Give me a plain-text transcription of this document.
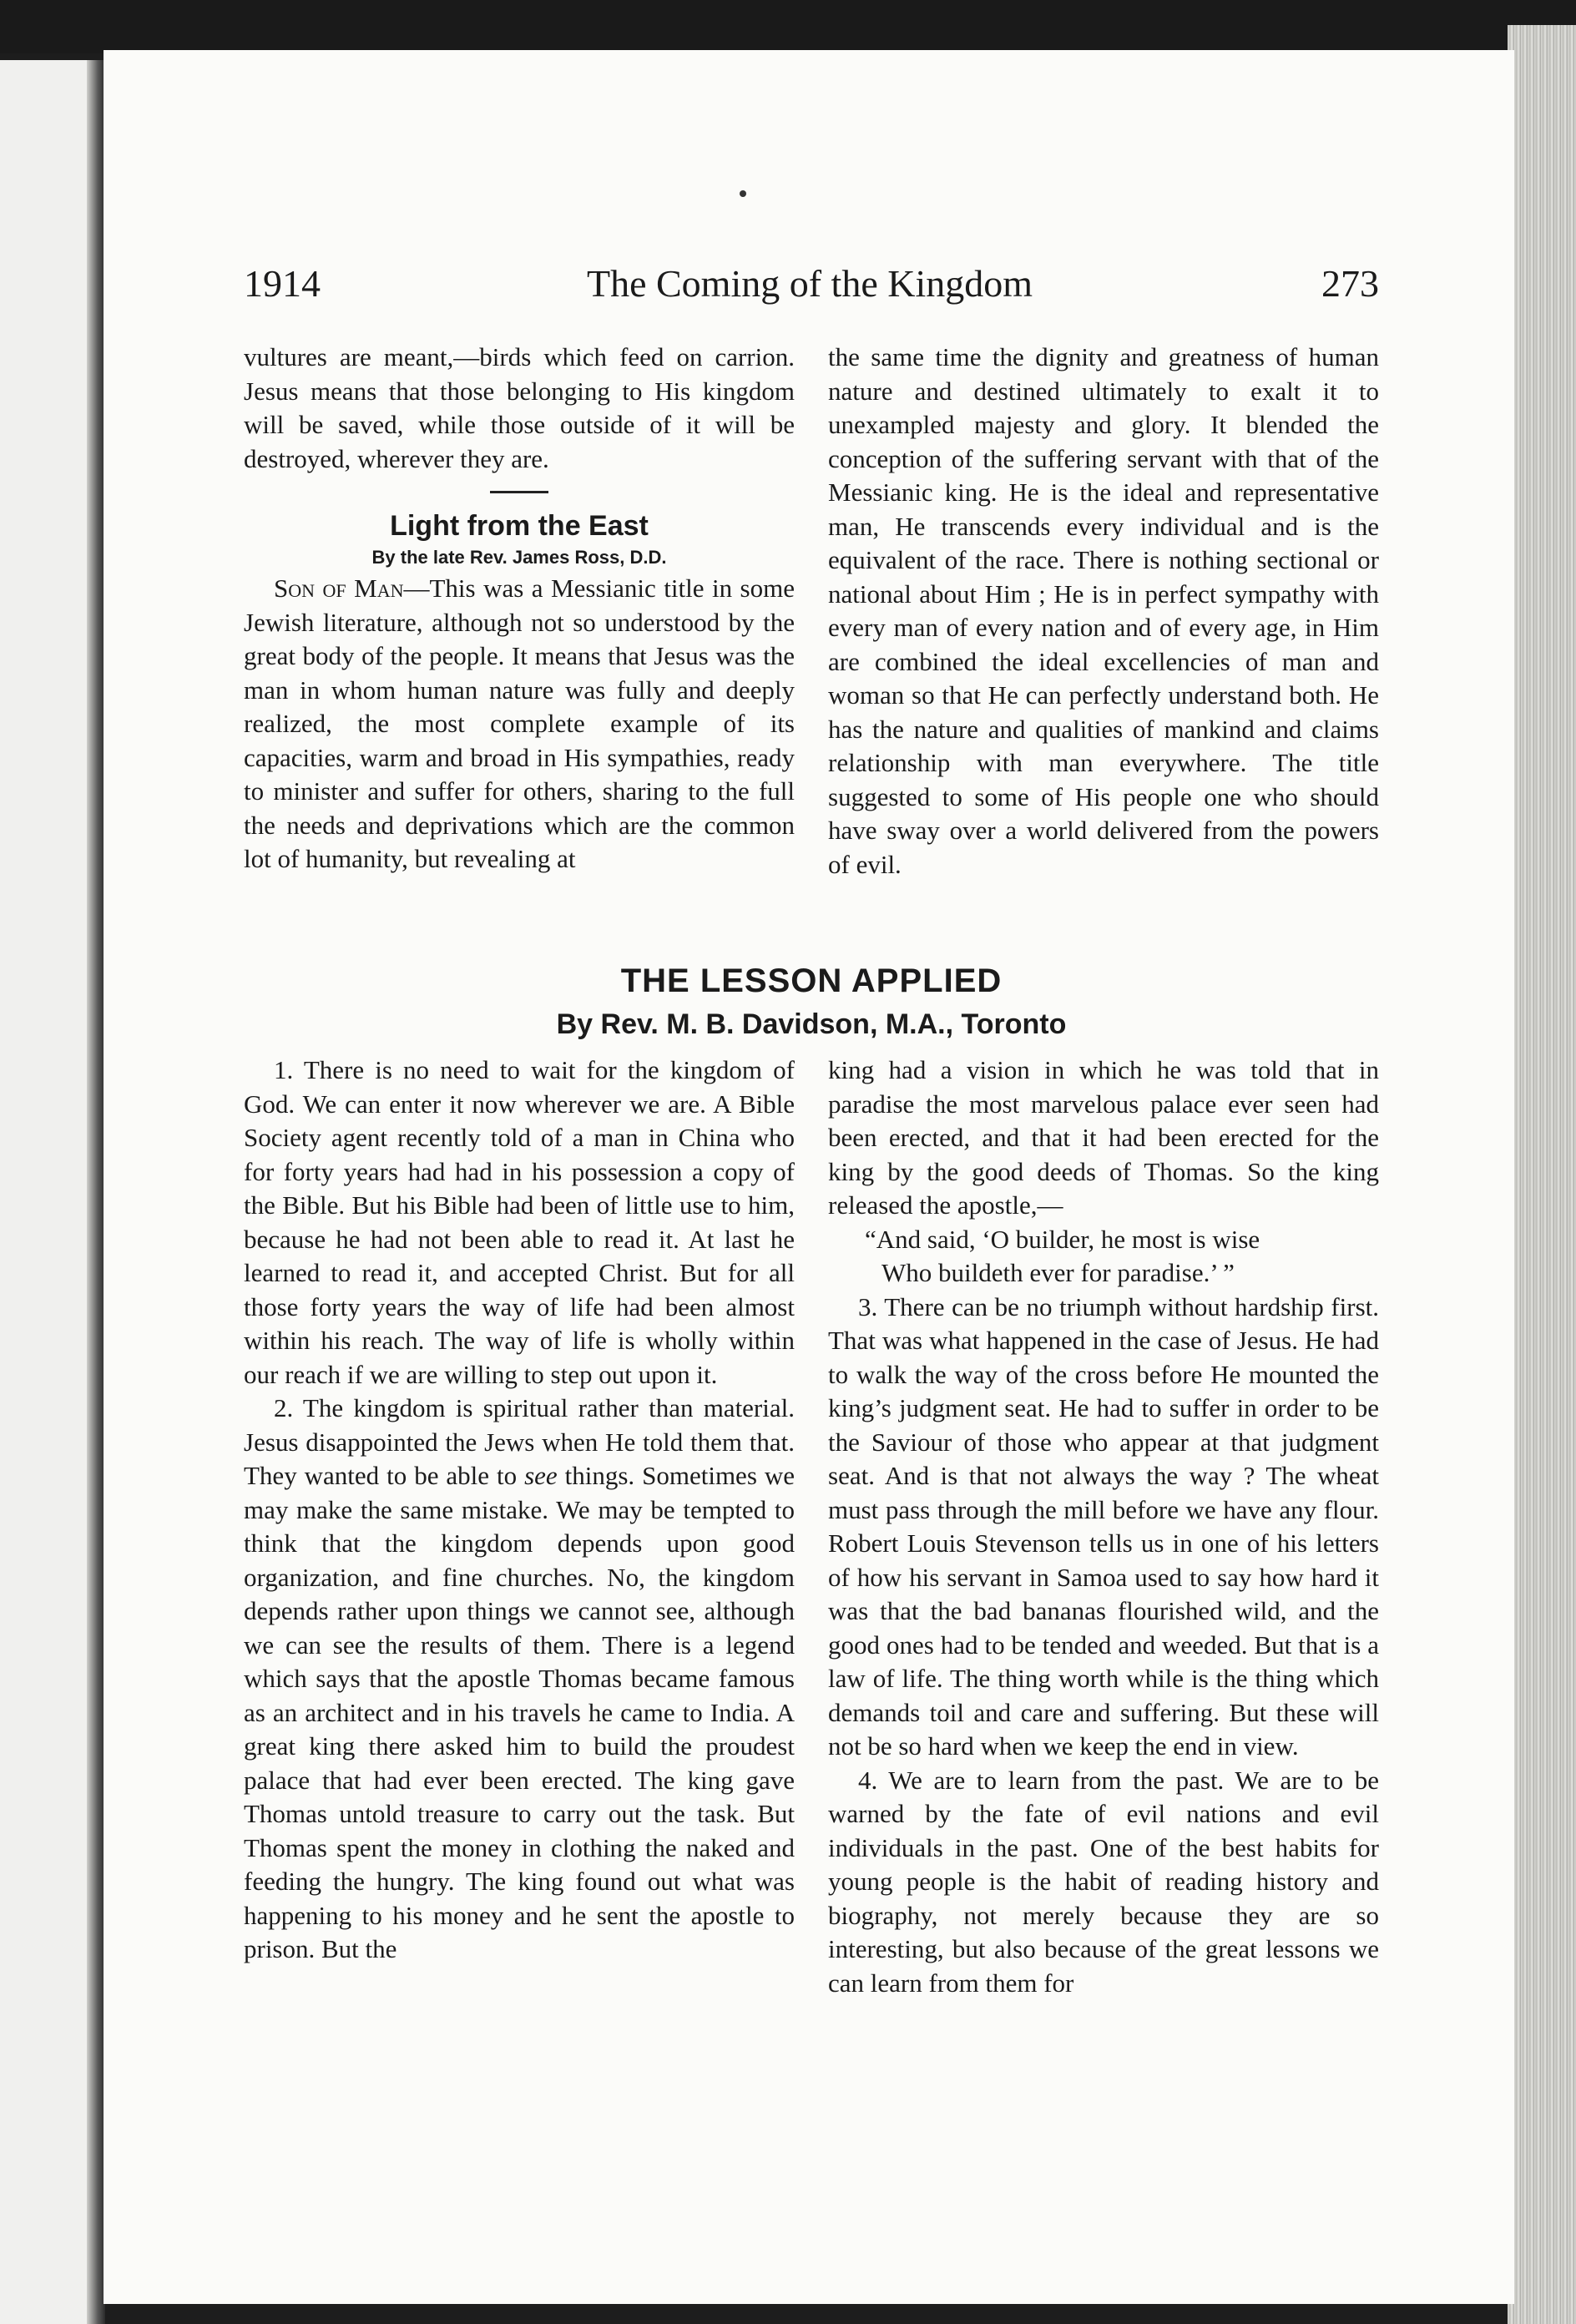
1914	The Coming of the Kingdom	273

vultures are meant,—birds which feed on carrion. Jesus means that those belonging to His kingdom will be saved, while those outside of it will be destroyed, wherever they are.

Light from the East
By the late Rev. James Ross, D.D.

Son of Man—This was a Messianic title in some Jewish literature, although not so understood by the great body of the people. It means that Jesus was the man in whom human nature was fully and deeply realized, the most complete example of its capacities, warm and broad in His sympathies, ready to minister and suffer for others, sharing to the full the needs and deprivations which are the common lot of humanity, but revealing at

the same time the dignity and greatness of human nature and destined ultimately to exalt it to unexampled majesty and glory. It blended the conception of the suffering servant with that of the Messianic king. He is the ideal and representative man, He transcends every individual and is the equivalent of the race. There is nothing sectional or national about Him ; He is in perfect sympathy with every man of every nation and of every age, in Him are combined the ideal excellencies of man and woman so that He can perfectly understand both. He has the nature and qualities of mankind and claims relationship with man everywhere. The title suggested to some of His people one who should have sway over a world delivered from the powers of evil.

THE LESSON APPLIED
By Rev. M. B. Davidson, M.A., Toronto

1. There is no need to wait for the kingdom of God. We can enter it now wherever we are. A Bible Society agent recently told of a man in China who for forty years had had in his possession a copy of the Bible. But his Bible had been of little use to him, because he had not been able to read it. At last he learned to read it, and accepted Christ. But for all those forty years the way of life had been almost within his reach. The way of life is wholly within our reach if we are willing to step out upon it.

2. The kingdom is spiritual rather than material. Jesus disappointed the Jews when He told them that. They wanted to be able to see things. Sometimes we may make the same mistake. We may be tempted to think that the kingdom depends upon good organization, and fine churches. No, the kingdom depends rather upon things we cannot see, although we can see the results of them. There is a legend which says that the apostle Thomas became famous as an architect and in his travels he came to India. A great king there asked him to build the proudest palace that had ever been erected. The king gave Thomas untold treasure to carry out the task. But Thomas spent the money in clothing the naked and feeding the hungry. The king found out what was happening to his money and he sent the apostle to prison. But the

king had a vision in which he was told that in paradise the most marvelous palace ever seen had been erected, and that it had been erected for the king by the good deeds of Thomas. So the king released the apostle,—

“And said, ‘O builder, he most is wise

Who buildeth ever for paradise.’ ”

3. There can be no triumph without hardship first. That was what happened in the case of Jesus. He had to walk the way of the cross before He mounted the king’s judgment seat. He had to suffer in order to be the Saviour of those who appear at that judgment seat. And is that not always the way ? The wheat must pass through the mill before we have any flour. Robert Louis Stevenson tells us in one of his letters of how his servant in Samoa used to say how hard it was that the bad bananas flourished wild, and the good ones had to be tended and weeded. But that is a law of life. The thing worth while is the thing which demands toil and care and suffering. But these will not be so hard when we keep the end in view.

4. We are to learn from the past. We are to be warned by the fate of evil nations and evil individuals in the past. One of the best habits for young people is the habit of reading history and biography, not merely because they are so interesting, but also because of the great lessons we can learn from them for
